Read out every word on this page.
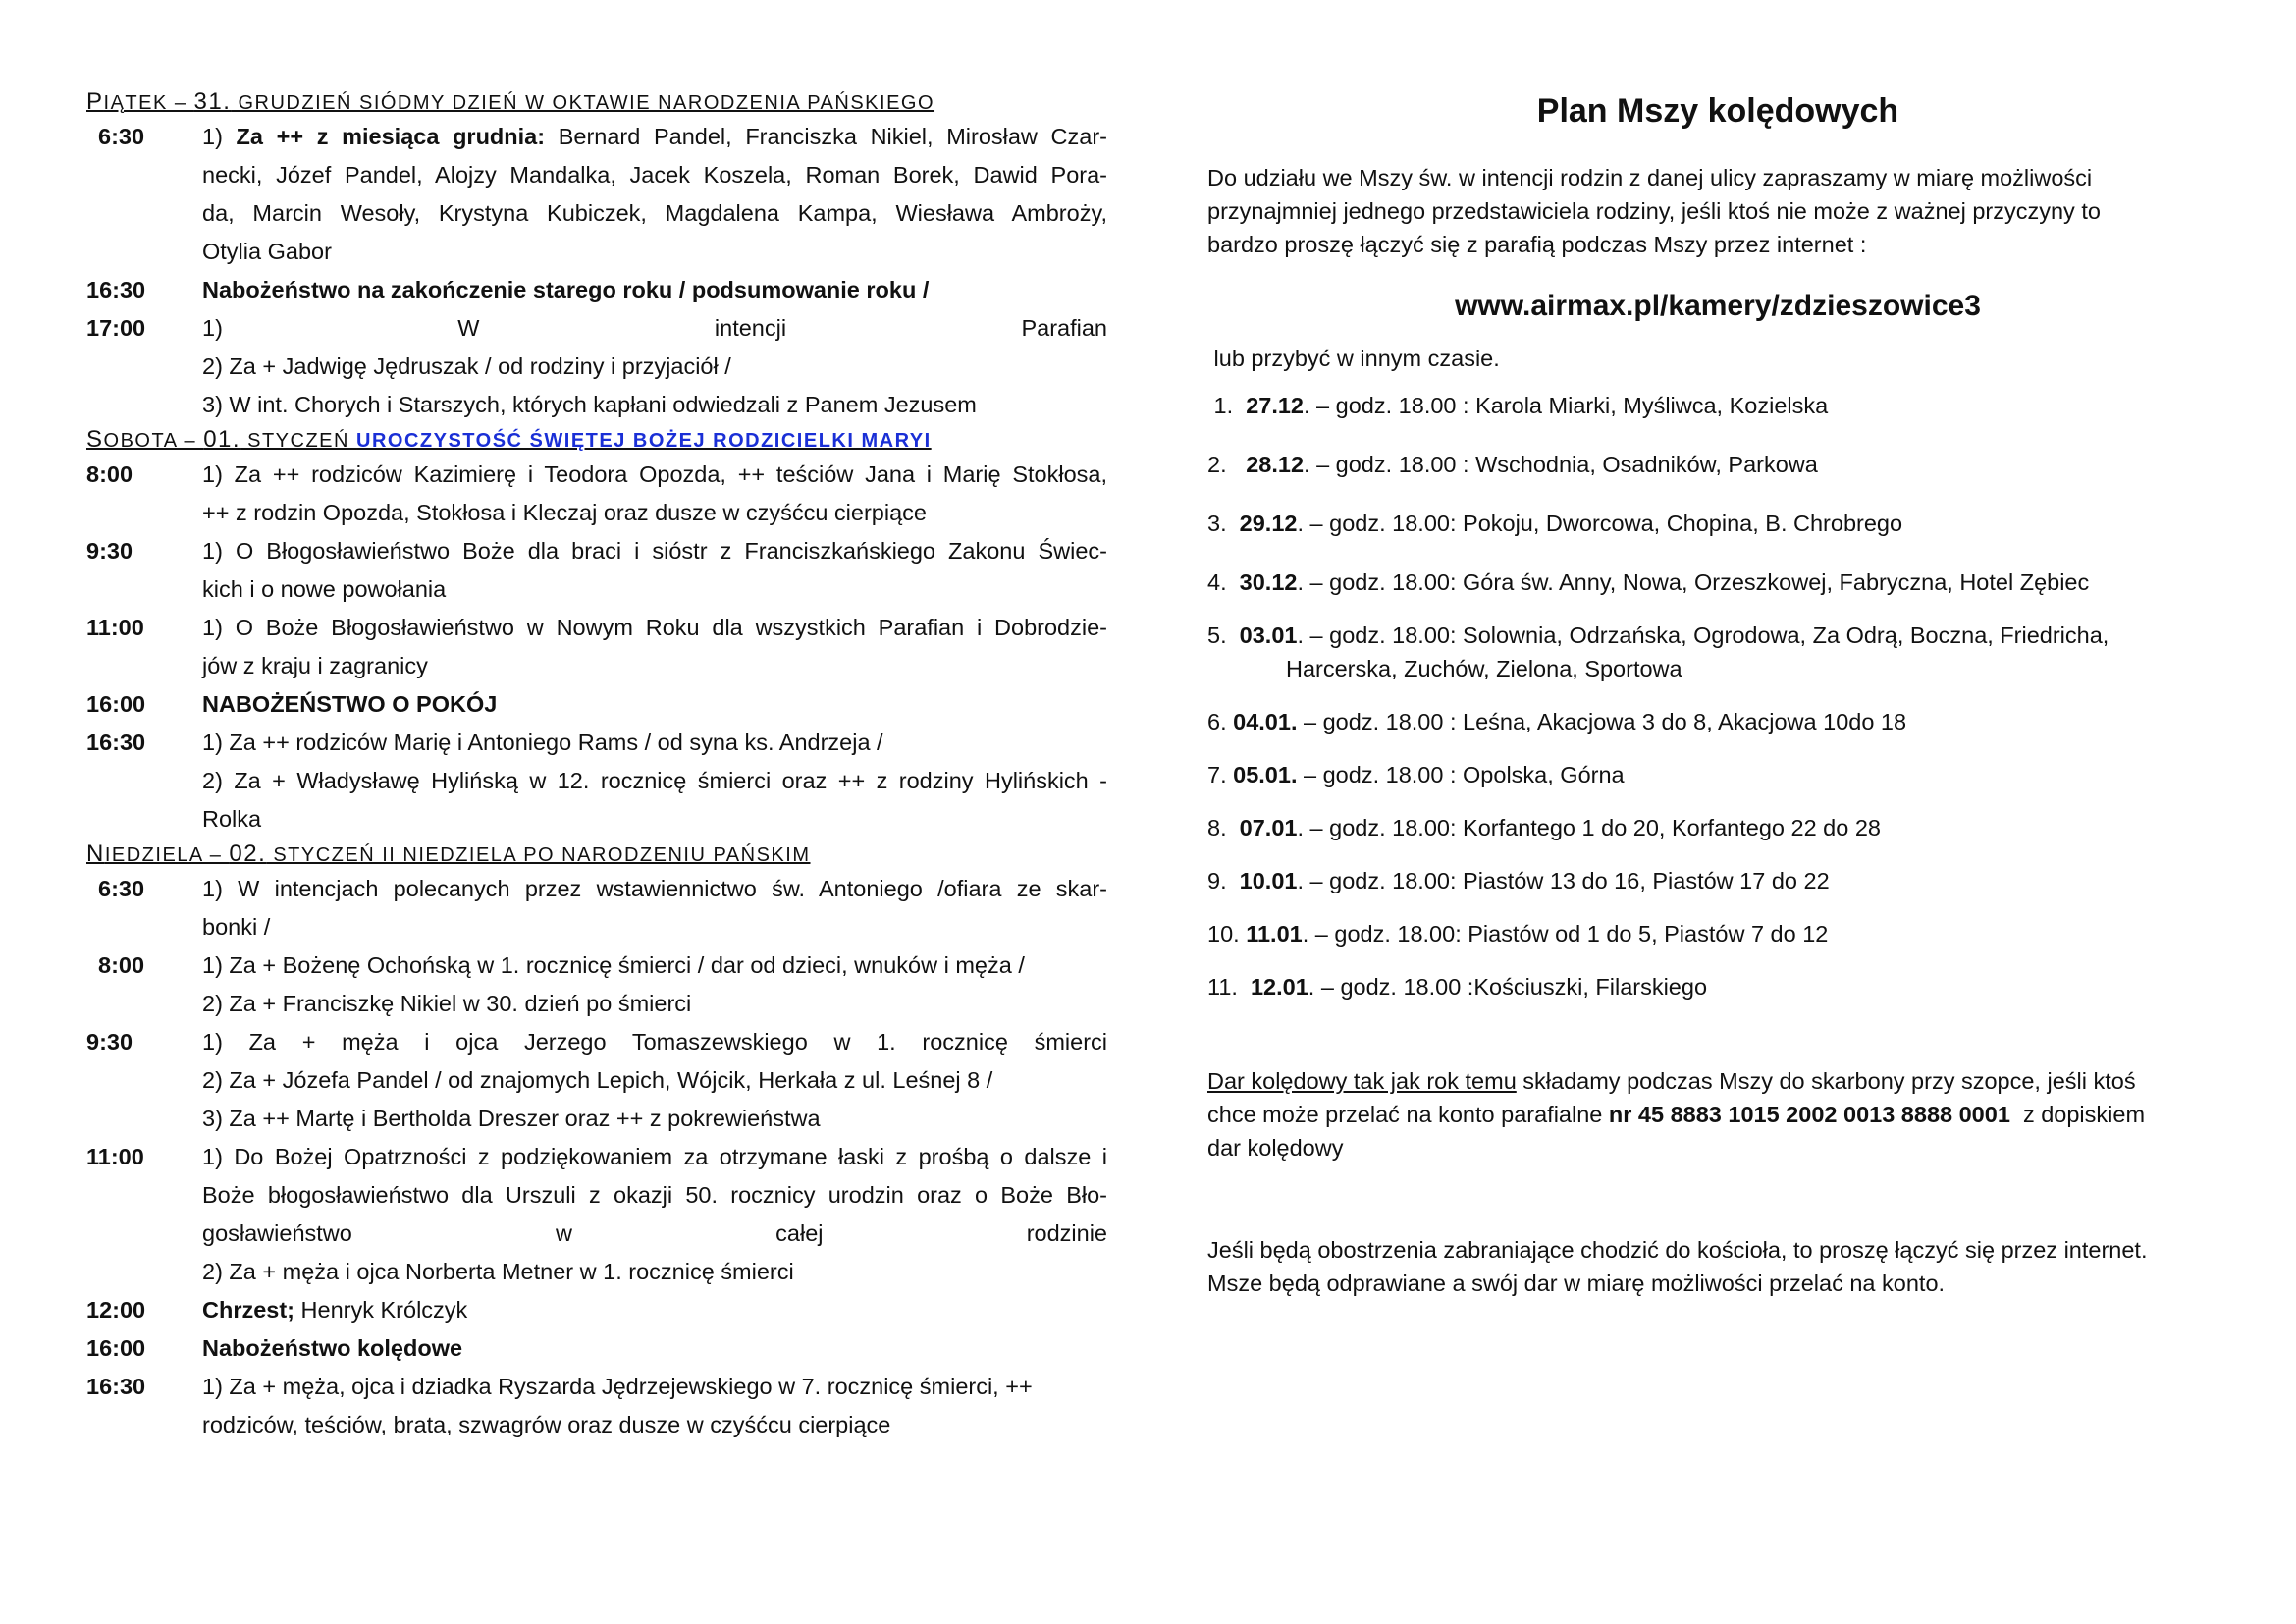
PIĄTEK – 31. GRUDZIEŃ SIÓDMY DZIEŃ W OKTAWIE NARODZENIA PAŃSKIEGO
6:30	1) Za ++ z miesiąca grudnia: Bernard Pandel, Franciszka Nikiel, Mirosław Czar-
necki, Józef Pandel, Alojzy Mandalka, Jacek Koszela, Roman Borek, Dawid Pora-
da, Marcin Wesoły, Krystyna Kubiczek, Magdalena Kampa, Wiesława Ambroży,
Otylia Gabor
16:30	Nabożeństwo na zakończenie starego roku / podsumowanie roku /
17:00	1) W intencji Parafian
2) Za + Jadwigę Jędruszak / od rodziny i przyjaciół /
3) W int. Chorych i Starszych, których kapłani odwiedzali z Panem Jezusem
SOBOTA – 01. STYCZEŃ UROCZYSTOŚĆ ŚWIĘTEJ BOŻEJ RODZICIELKI MARYI
8:00	1) Za ++ rodziców Kazimierę i Teodora Opozda, ++ teściów Jana i Marię Stokłosa,
++ z rodzin Opozda, Stokłosa i Kleczaj oraz dusze w czyśćcu cierpiące
9:30	1) O Błogosławieństwo Boże dla braci i sióstr z Franciszkańskiego Zakonu Świec-
kich i o nowe powołania
11:00	1) O Boże Błogosławieństwo w Nowym Roku dla wszystkich Parafian i Dobrodzie-
jów z kraju i zagranicy
16:00	NABOŻEŃSTWO O POKÓJ
16:30	1) Za ++ rodziców Marię i Antoniego Rams / od syna ks. Andrzeja /
2) Za + Władysławę Hylińską w 12. rocznicę śmierci oraz ++ z rodziny Hylińskich -
Rolka
NIEDZIELA – 02. STYCZEŃ II NIEDZIELA PO NARODZENIU PAŃSKIM
6:30	1) W intencjach polecanych przez wstawiennictwo św. Antoniego /ofiara ze skar-
bonki /
8:00	1) Za + Bożenę Ochońską w 1. rocznicę śmierci / dar od dzieci, wnuków i męża /
2) Za + Franciszkę Nikiel w 30. dzień po śmierci
9:30	1) Za + męża i ojca Jerzego Tomaszewskiego w 1. rocznicę śmierci
2) Za + Józefa Pandel / od znajomych Lepich, Wójcik, Herkała z ul. Leśnej 8 /
3) Za ++ Martę i Bertholda Dreszer oraz ++ z pokrewieństwa
11:00	1) Do Bożej Opatrzności z podziękowaniem za otrzymane łaski z prośbą o dalsze i
Boże błogosławieństwo dla Urszuli z okazji 50. rocznicy urodzin oraz o Boże Bło-
gosławieństwo w całej rodzinie
2) Za + męża i ojca Norberta Metner w 1. rocznicę śmierci
12:00	Chrzest; Henryk Królczyk
16:00	Nabożeństwo kolędowe
16:30	1) Za + męża, ojca i dziadka Ryszarda Jędrzejewskiego w 7. rocznicę śmierci, ++
rodziców, teściów, brata, szwagrów oraz dusze w czyśćcu cierpiące
Plan Mszy kolędowych

Do udziału we Mszy św. w intencji rodzin z danej ulicy zapraszamy w miarę możliwości

przynajmniej jednego przedstawiciela rodziny, jeśli ktoś nie może z ważnej przyczyny to

bardzo proszę łączyć się z parafią podczas Mszy przez internet :

www.airmax.pl/kamery/zdzieszowice3

lub przybyć w innym czasie.

1.  27.12. – godz. 18.00 : Karola Miarki, Myśliwca, Kozielska
2.   28.12. – godz. 18.00 : Wschodnia, Osadników, Parkowa
3.  29.12. – godz. 18.00: Pokoju, Dworcowa, Chopina, B. Chrobrego
4.  30.12. – godz. 18.00: Góra św. Anny, Nowa, Orzeszkowej, Fabryczna, Hotel Zębiec
5.  03.01. – godz. 18.00: Solownia, Odrzańska, Ogrodowa, Za Odrą, Boczna, Friedricha,
Harcerska, Zuchów, Zielona, Sportowa
6. 04.01. – godz. 18.00 : Leśna, Akacjowa 3 do 8, Akacjowa 10do 18
7. 05.01. – godz. 18.00 : Opolska, Górna
8.  07.01. – godz. 18.00: Korfantego 1 do 20, Korfantego 22 do 28
9.  10.01. – godz. 18.00: Piastów 13 do 16, Piastów 17 do 22
10. 11.01. – godz. 18.00: Piastów od 1 do 5, Piastów 7 do 12
11.  12.01. – godz. 18.00 :Kościuszki, Filarskiego

Dar kolędowy tak jak rok temu składamy podczas Mszy do skarbony przy szopce, jeśli ktoś

chce może przelać na konto parafialne nr 45 8883 1015 2002 0013 8888 0001  z dopiskiem

dar kolędowy

Jeśli będą obostrzenia zabraniające chodzić do kościoła, to proszę łączyć się przez internet.

Msze będą odprawiane a swój dar w miarę możliwości przelać na konto.
